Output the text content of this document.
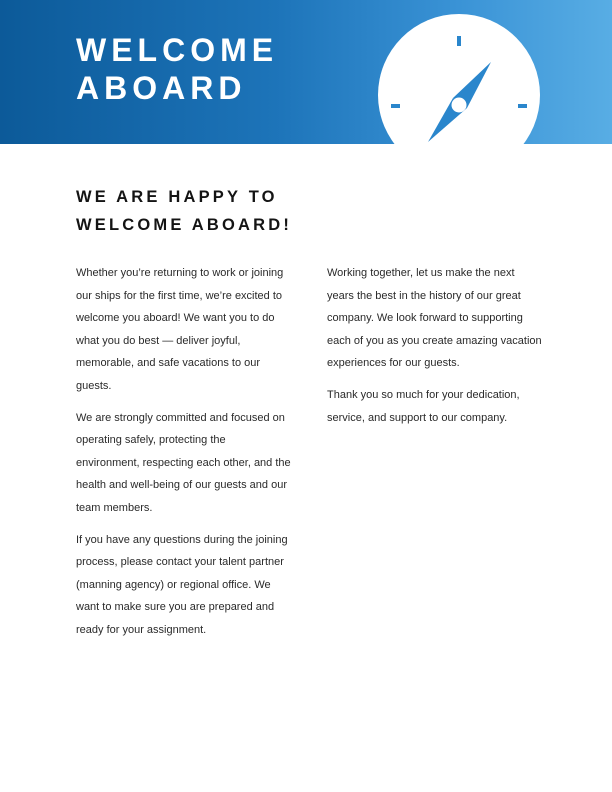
WELCOME
ABOARD
WE ARE HAPPY TO
WELCOME ABOARD!

Whether you’re returning to work or joining our ships for the first time, we’re excited to welcome you aboard! We want you to do what you do best — deliver joyful, memorable, and safe vacations to our guests.

We are strongly committed and focused on operating safely, protecting the environment, respecting each other, and the health and well-being of our guests and our team members.

If you have any questions during the joining process, please contact your talent partner (manning agency) or regional office. We want to make sure you are prepared and ready for your assignment.

Working together, let us make the next years the best in the history of our great company. We look forward to supporting each of you as you create amazing vacation experiences for our guests.

Thank you so much for your dedication, service, and support to our company.
